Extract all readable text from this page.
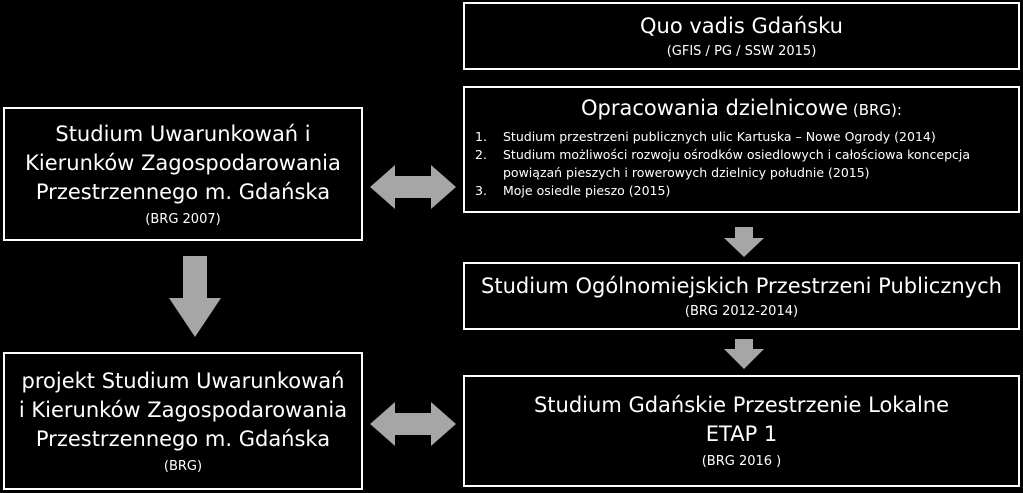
Quo vadis Gdańsku
(GFIS / PG / SSW 2015)
Opracowania dzielnicowe (BRG):
1.	Studium przestrzeni publicznych ulic Kartuska – Nowe Ogrody (2014)
2.	Studium możliwości rozwoju ośrodków osiedlowych i całościowa koncepcja powiązań pieszych i rowerowych dzielnicy południe (2015)
3.	Moje osiedle pieszo (2015)
Studium Uwarunkowań i
Kierunków Zagospodarowania
Przestrzennego m. Gdańska
(BRG 2007)
Studium Ogólnomiejskich Przestrzeni Publicznych
(BRG 2012-2014)
projekt Studium Uwarunkowań
i Kierunków Zagospodarowania
Przestrzennego m. Gdańska
(BRG)
Studium Gdańskie Przestrzenie Lokalne
ETAP 1
(BRG 2016 )
